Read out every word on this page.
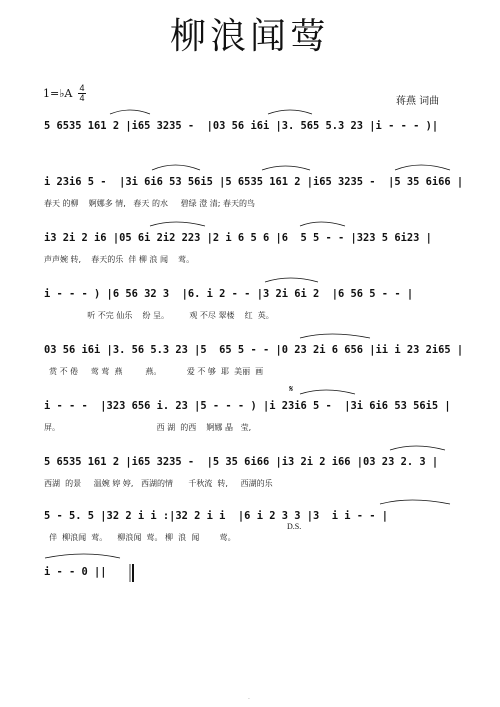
柳浪闻莺
1=♭A 4
4	蒋燕 词曲
5 6535 161 2 |i65 3235 -  |03 56 i6i |3. 565 5.3 23 |i - - - )|
i 23i6 5 -  |3i 6i6 53 56i5 |5 6535 161 2 |i65 3235 -  |5 35 6i66 |
春天 的柳    婀娜多 情,   春天 的水     碧绿 澄 清; 春天的鸟
i3 2i 2 i6 |05 6i 2i2 223 |2 i 6 5 6 |6  5 5 - - |323 5 6i23 |
声声婉 转,    春天的乐  伴 柳 浪 闻    莺。
i - - - ) |6 56 32 3  |6. i 2 - - |3 2i 6i 2  |6 56 5 - - |
听 不完 仙乐    纷 呈。        观 不尽 翠楼    红  英。
03 56 i6i |3. 56 5.3 23 |5  65 5 - - |0 23 2i 6 656 |ii i 23 2i65 |
赏 不 倦     莺 莺  燕         燕。          爱 不 够  耶  美丽  画
i - - -  |323 656 i. 23 |5 - - - ) |i 23i6 5 -  |3i 6i6 53 56i5 |
屏。                                      西 湖  的西    婀娜 晶   莹,
𝄋
5 6535 161 2 |i65 3235 -  |5 35 6i66 |i3 2i 2 i66 |03 23 2. 3 |
西湖  的景     温婉 婷 婷,   西湖的情      千秋流  转,     西湖的乐
5 - 5. 5 |32 2 i i :|32 2 i i  |6 i 2 3 3 |3  i i - - |
伴  柳浪闻  莺。    柳浪闻  莺。 柳  浪  闻        莺。
D.S.
i - - 0 ||
.
